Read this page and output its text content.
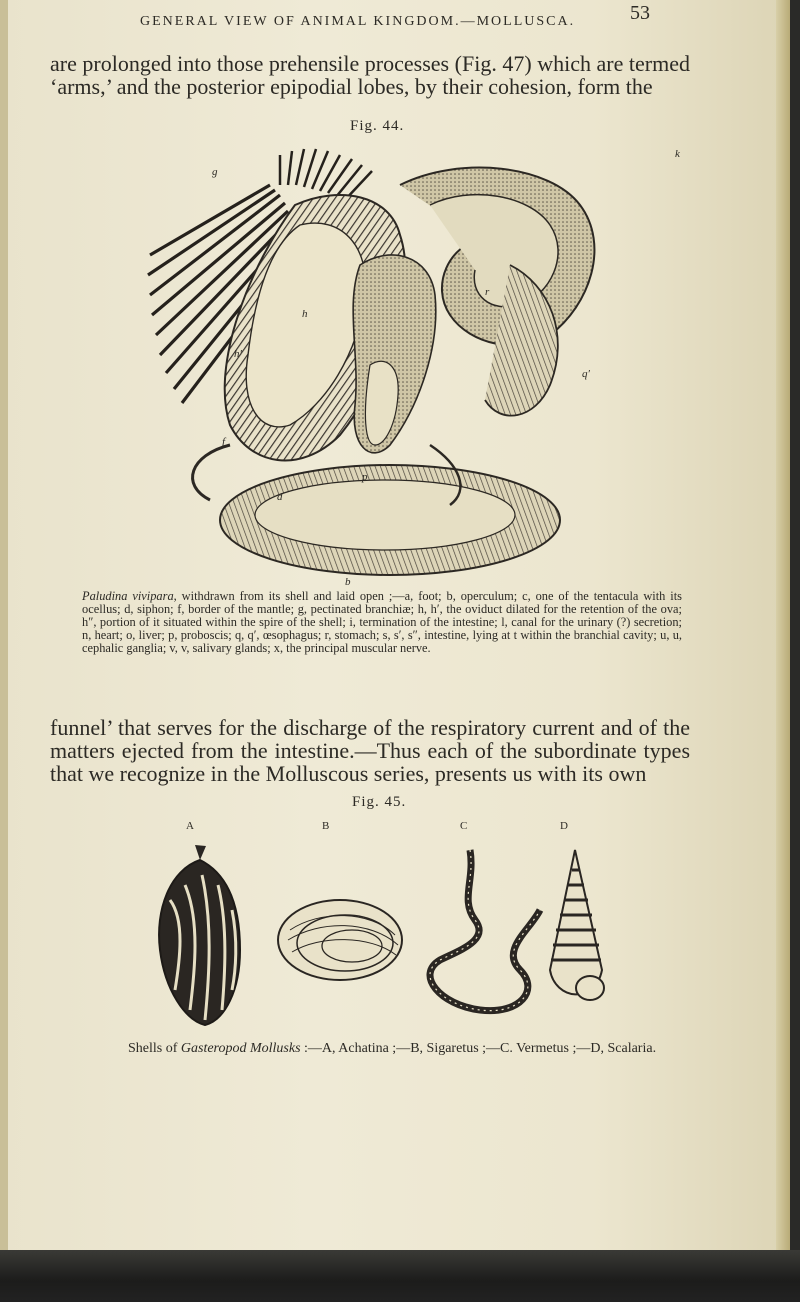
GENERAL VIEW OF ANIMAL KINGDOM.—MOLLUSCA.	53

are prolonged into those prehensile processes (Fig. 47) which are termed ‘arms,’ and the posterior epipodial lobes, by their cohesion, form the

Fig. 44.
g
k
h
h′
r
q′
f
d
p
b

Paludina vivipara, withdrawn from its shell and laid open ;—a, foot; b, operculum; c, one of the tentacula with its ocellus; d, siphon; f, border of the mantle; g, pectinated branchiæ; h, h′, the oviduct dilated for the retention of the ova; h″, portion of it situated within the spire of the shell; i, termination of the intestine; l, canal for the urinary (?) secretion; n, heart; o, liver; p, proboscis; q, q′, œsophagus; r, stomach; s, s′, s″, intestine, lying at t within the branchial cavity; u, u, cephalic ganglia; v, v, salivary glands; x, the principal muscular nerve.

funnel’ that serves for the discharge of the respiratory current and of the matters ejected from the intestine.—Thus each of the subordinate types that we recognize in the Molluscous series, presents us with its own

Fig. 45.
A	B	C	D
Shells of Gasteropod Mollusks :—A, Achatina ;—B, Sigaretus ;—C. Vermetus ;—D, Scalaria.
